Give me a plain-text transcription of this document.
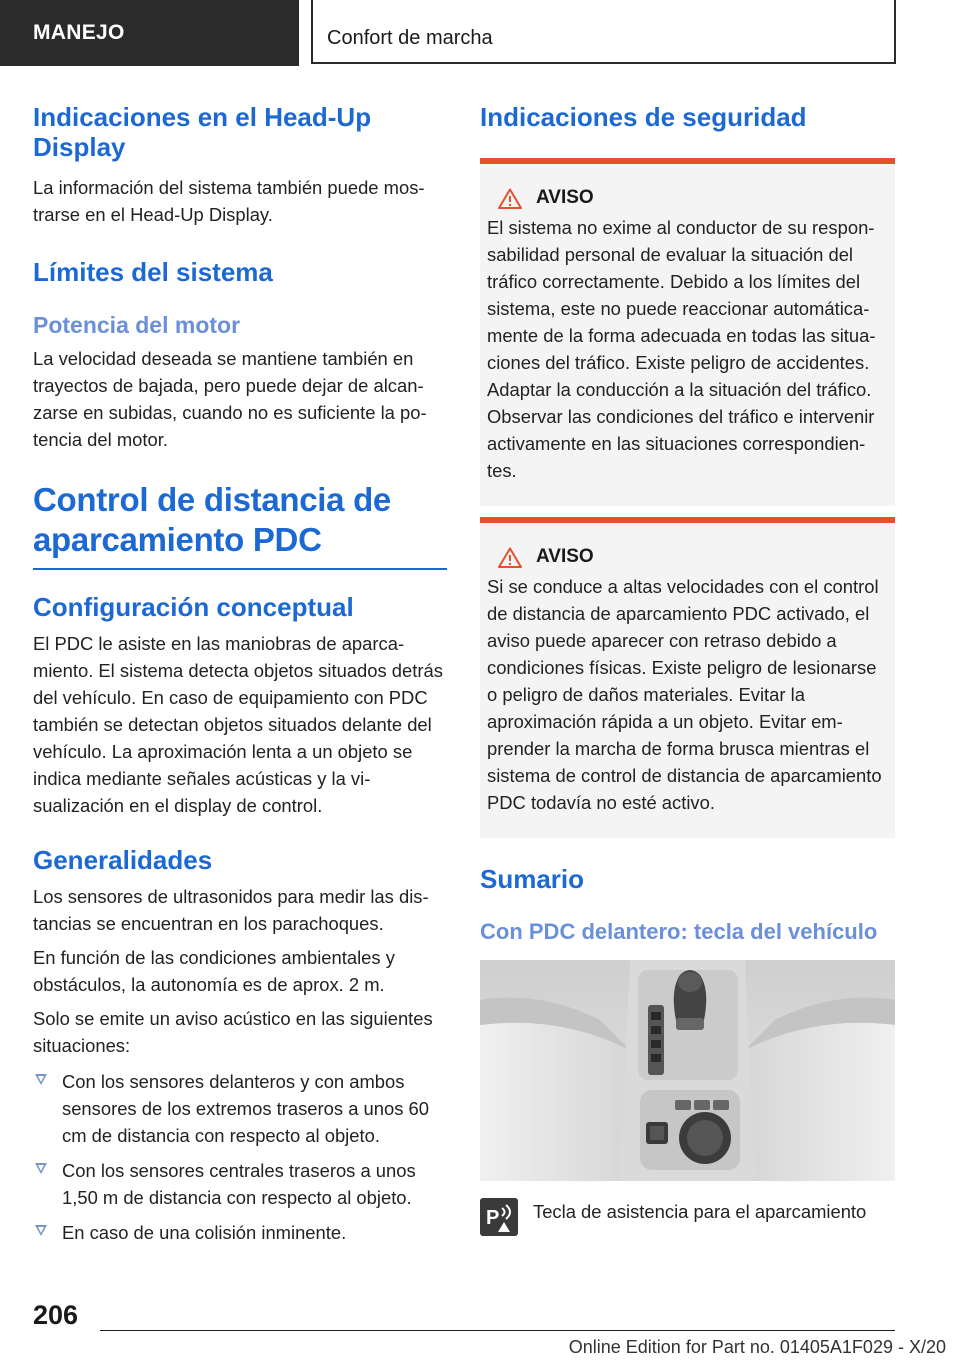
MANEJO	Confort de marcha
Indicaciones en el Head-Up Display

La información del sistema también puede mostrarse en el Head-Up Display.

Límites del sistema
Potencia del motor

La velocidad deseada se mantiene también en trayectos de bajada, pero puede dejar de alcanzarse en subidas, cuando no es suficiente la potencia del motor.

Control de distancia de aparcamiento PDC
Configuración conceptual

El PDC le asiste en las maniobras de aparcamiento. El sistema detecta objetos situados detrás del vehículo. En caso de equipamiento con PDC también se detectan objetos situados delante del vehículo. La aproximación lenta a un objeto se indica mediante señales acústicas y la visualización en el display de control.

Generalidades

Los sensores de ultrasonidos para medir las distancias se encuentran en los parachoques.

En función de las condiciones ambientales y obstáculos, la autonomía es de aprox. 2 m.

Solo se emite un aviso acústico en las siguientes situaciones:

Con los sensores delanteros y con ambos sensores de los extremos traseros a unos 60 cm de distancia con respecto al objeto.
Con los sensores centrales traseros a unos 1,50 m de distancia con respecto al objeto.
En caso de una colisión inminente.
Indicaciones de seguridad
AVISO

El sistema no exime al conductor de su responsabilidad personal de evaluar la situación del tráfico correctamente. Debido a los límites del sistema, este no puede reaccionar automáticamente de la forma adecuada en todas las situaciones del tráfico. Existe peligro de accidentes. Adaptar la conducción a la situación del tráfico. Observar las condiciones del tráfico e intervenir activamente en las situaciones correspondientes.

AVISO

Si se conduce a altas velocidades con el control de distancia de aparcamiento PDC activado, el aviso puede aparecer con retraso debido a condiciones físicas. Existe peligro de lesionarse o peligro de daños materiales. Evitar la aproximación rápida a un objeto. Evitar emprender la marcha de forma brusca mientras el sistema de control de distancia de aparcamiento PDC todavía no esté activo.

Sumario
Con PDC delantero: tecla del vehículo
P Tecla de asistencia para el aparcamiento
206
Online Edition for Part no. 01405A1F029 - X/20
